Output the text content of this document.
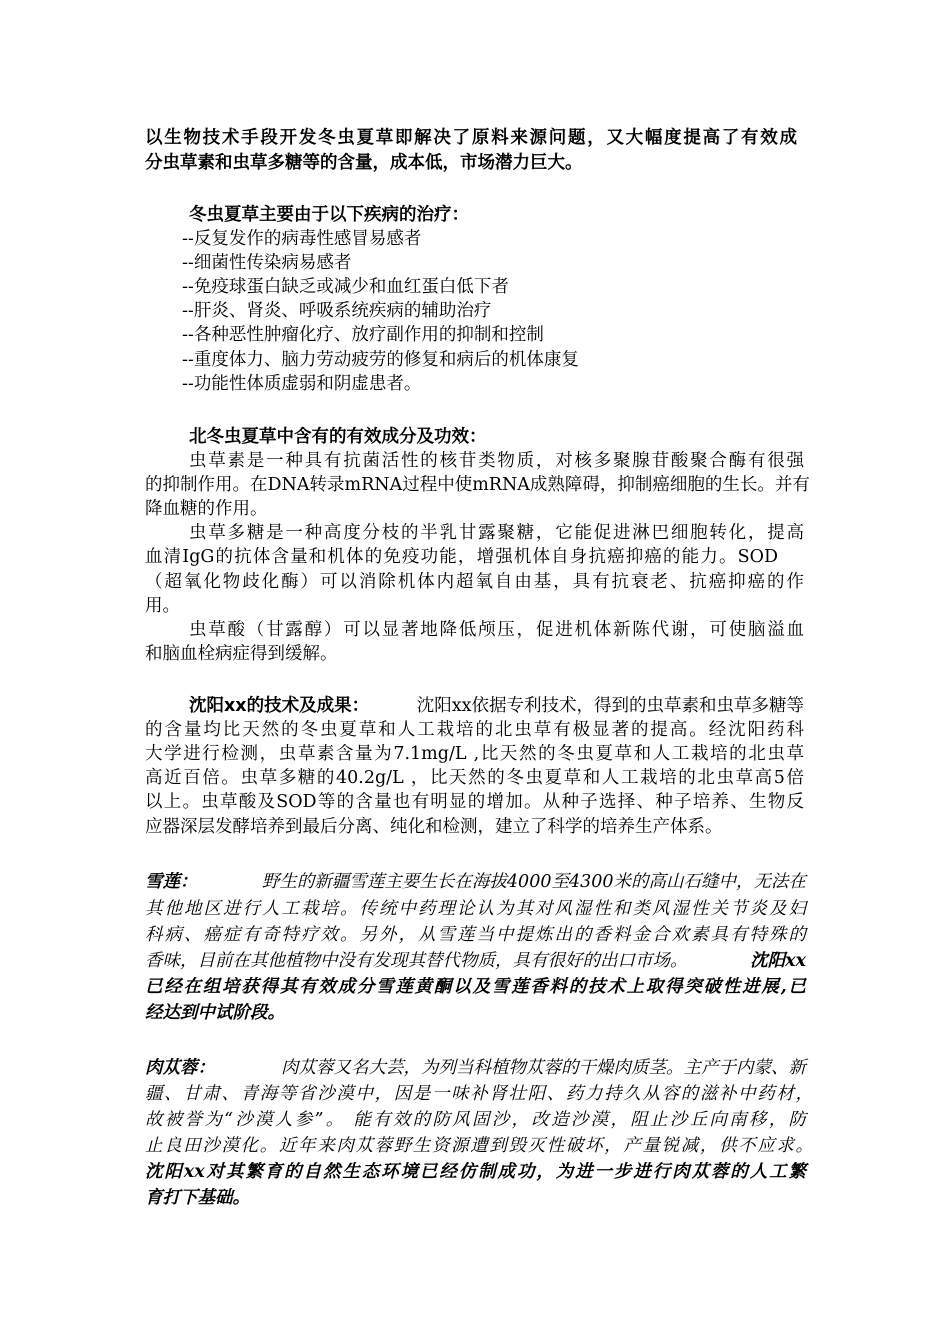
以生物技术手段开发冬虫夏草即解决了原料来源问题，又大幅度提高了有效成
分虫草素和虫草多糖等的含量，成本低，市场潜力巨大。
冬虫夏草主要由于以下疾病的治疗：
--反复发作的病毒性感冒易感者
--细菌性传染病易感者
--免疫球蛋白缺乏或减少和血红蛋白低下者
--肝炎、肾炎、呼吸系统疾病的辅助治疗
--各种恶性肿瘤化疗、放疗副作用的抑制和控制
--重度体力、脑力劳动疲劳的修复和病后的机体康复
--功能性体质虚弱和阴虚患者。
北冬虫夏草中含有的有效成分及功效：
虫草素是一种具有抗菌活性的核苷类物质，对核多聚腺苷酸聚合酶有很强
的抑制作用。在DNA转录mRNA过程中使mRNA成熟障碍，抑制癌细胞的生长。并有
降血糖的作用。
虫草多糖是一种高度分枝的半乳甘露聚糖，它能促进淋巴细胞转化，提高
血清IgG的抗体含量和机体的免疫功能，增强机体自身抗癌抑癌的能力。SOD
（超氧化物歧化酶）可以消除机体内超氧自由基，具有抗衰老、抗癌抑癌的作
用。
虫草酸（甘露醇）可以显著地降低颅压，促进机体新陈代谢，可使脑溢血
和脑血栓病症得到缓解。
沈阳xx的技术及成果：	沈阳xx依据专利技术，得到的虫草素和虫草多糖等
的含量均比天然的冬虫夏草和人工栽培的北虫草有极显著的提高。经沈阳药科
大学进行检测，虫草素含量为7.1mg/L ,比天然的冬虫夏草和人工栽培的北虫草
高近百倍。虫草多糖的40.2g/L ，比天然的冬虫夏草和人工栽培的北虫草高5倍
以上。虫草酸及SOD等的含量也有明显的增加。从种子选择、种子培养、生物反
应器深层发酵培养到最后分离、纯化和检测，建立了科学的培养生产体系。
雪莲：	野生的新疆雪莲主要生长在海拔4000至4300米的高山石缝中，无法在
其他地区进行人工栽培。传统中药理论认为其对风湿性和类风湿性关节炎及妇
科病、癌症有奇特疗效。另外，从雪莲当中提炼出的香料金合欢素具有特殊的
香味，目前在其他植物中没有发现其替代物质，具有很好的出口市场。	沈阳xx
已经在组培获得其有效成分雪莲黄酮以及雪莲香料的技术上取得突破性进展,已
经达到中试阶段。
肉苁蓉：	肉苁蓉又名大芸，为列当科植物苁蓉的干燥肉质茎。主产于内蒙、新
疆、甘肃、青海等省沙漠中，因是一味补肾壮阳、药力持久从容的滋补中药材，
故被誉为“沙漠人参”。 能有效的防风固沙，改造沙漠，阻止沙丘向南移，防
止良田沙漠化。近年来肉苁蓉野生资源遭到毁灭性破坏，产量锐减，供不应求。
沈阳xx对其繁育的自然生态环境已经仿制成功，为进一步进行肉苁蓉的人工繁
育打下基础。
